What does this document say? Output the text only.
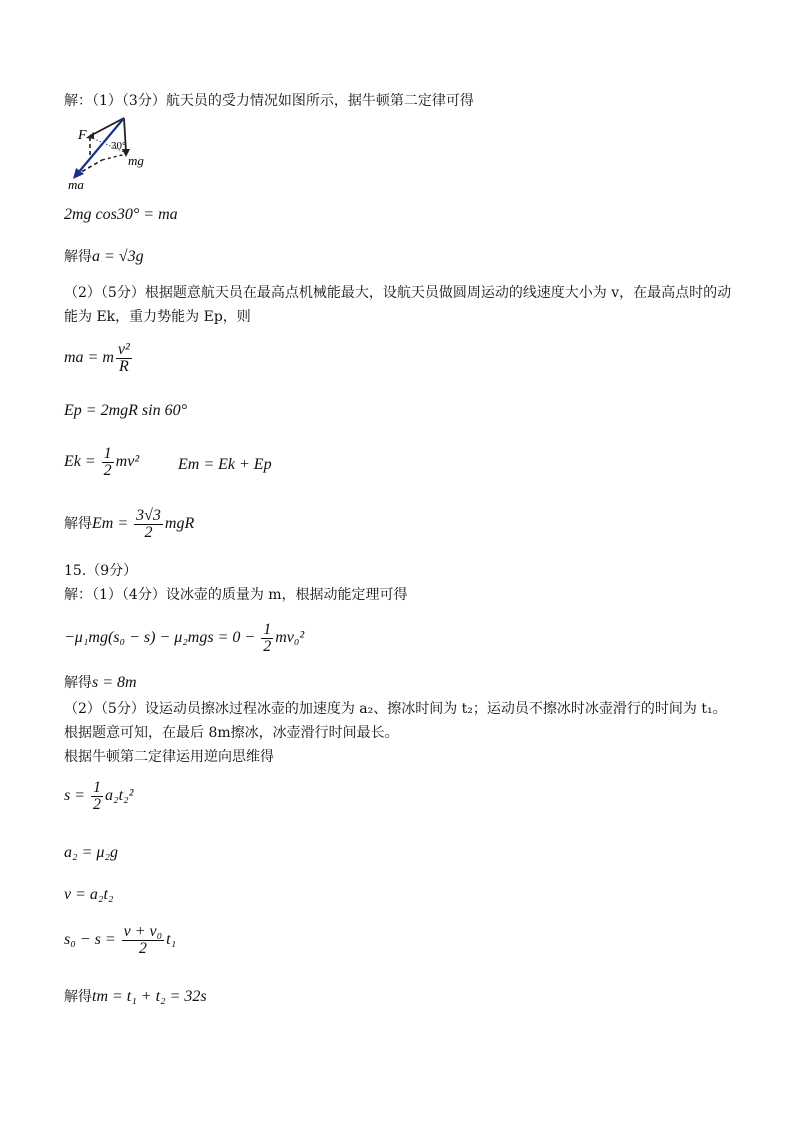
解：（1）（3分）航天员的受力情况如图所示，据牛顿第二定律可得
F
30°
mg
ma
2mg cos30° = ma
解得a = √3g
（2）（5分）根据题意航天员在最高点机械能最大，设航天员做圆周运动的线速度大小为 v，在最高点时的动
能为 Ek，重力势能为 Ep，则
ma = m $\frac{\text{v²}}{R}$
Ep = 2mgR sin 60°
$Ek = \frac{1}{2} mv^2$ Em = Ek + Ep
解得$Em = \frac{3√3}{2}$ mgR
15.（9分）
解：（1）（4分）设冰壶的质量为 m，根据动能定理可得
$-\mu_1mg(s_0 - s) - \mu_2mgs = 0 - \frac{1}{2} mv_0^2$
解得s = 8m
（2）（5分）设运动员擦冰过程冰壶的加速度为 a₂、擦冰时间为 t₂；运动员不擦冰时冰壶滑行的时间为 t₁。
根据题意可知，在最后 8m擦冰，冰壶滑行时间最长。
根据牛顿第二定律运用逆向思维得
$s = \frac{1}{2} a_2t_2^2$
a₂ = μ₂g
v = a₂t₂
$s_0 - s = \frac{\text{v + v₀}}{2} t_1$
解得tm = t₁ + t₂ = 32s
